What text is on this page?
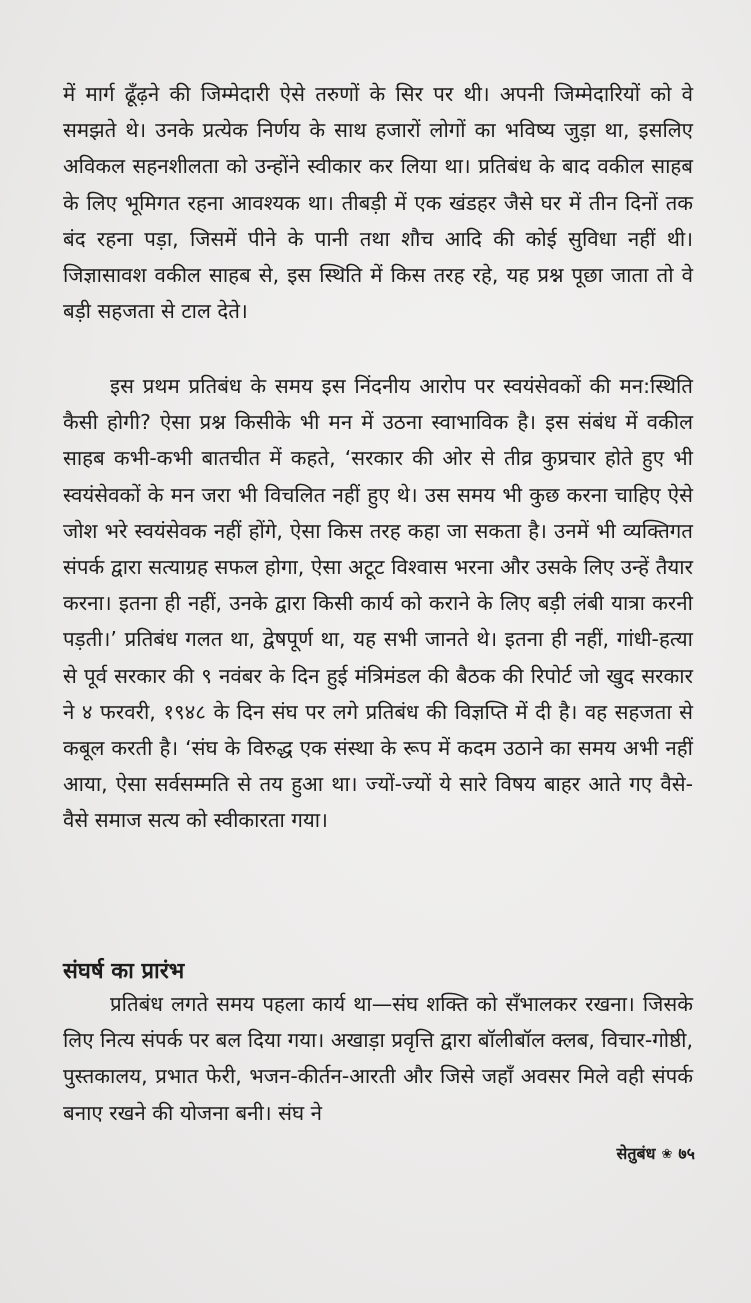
में मार्ग ढूँढ़ने की जिम्मेदारी ऐसे तरुणों के सिर पर थी। अपनी जिम्मेदारियों को वे समझते थे। उनके प्रत्येक निर्णय के साथ हजारों लोगों का भविष्य जुड़ा था, इसलिए अविकल सहनशीलता को उन्होंने स्वीकार कर लिया था। प्रतिबंध के बाद वकील साहब के लिए भूमिगत रहना आवश्यक था। तीबड़ी में एक खंडहर जैसे घर में तीन दिनों तक बंद रहना पड़ा, जिसमें पीने के पानी तथा शौच आदि की कोई सुविधा नहीं थी। जिज्ञासावश वकील साहब से, इस स्थिति में किस तरह रहे, यह प्रश्न पूछा जाता तो वे बड़ी सहजता से टाल देते।

इस प्रथम प्रतिबंध के समय इस निंदनीय आरोप पर स्वयंसेवकों की मन:स्थिति कैसी होगी? ऐसा प्रश्न किसीके भी मन में उठना स्वाभाविक है। इस संबंध में वकील साहब कभी-कभी बातचीत में कहते, ‘सरकार की ओर से तीव्र कुप्रचार होते हुए भी स्वयंसेवकों के मन जरा भी विचलित नहीं हुए थे। उस समय भी कुछ करना चाहिए ऐसे जोश भरे स्वयंसेवक नहीं होंगे, ऐसा किस तरह कहा जा सकता है। उनमें भी व्यक्तिगत संपर्क द्वारा सत्याग्रह सफल होगा, ऐसा अटूट विश्वास भरना और उसके लिए उन्हें तैयार करना। इतना ही नहीं, उनके द्वारा किसी कार्य को कराने के लिए बड़ी लंबी यात्रा करनी पड़ती।’ प्रतिबंध गलत था, द्वेषपूर्ण था, यह सभी जानते थे। इतना ही नहीं, गांधी-हत्या से पूर्व सरकार की ९ नवंबर के दिन हुई मंत्रिमंडल की बैठक की रिपोर्ट जो खुद सरकार ने ४ फरवरी, १९४८ के दिन संघ पर लगे प्रतिबंध की विज्ञप्ति में दी है। वह सहजता से कबूल करती है। ‘संघ के विरुद्ध एक संस्था के रूप में कदम उठाने का समय अभी नहीं आया, ऐसा सर्वसम्मति से तय हुआ था। ज्यों-ज्यों ये सारे विषय बाहर आते गए वैसे-वैसे समाज सत्य को स्वीकारता गया।

संघर्ष का प्रारंभ

प्रतिबंध लगते समय पहला कार्य था—संघ शक्ति को सँभालकर रखना। जिसके लिए नित्य संपर्क पर बल दिया गया। अखाड़ा प्रवृत्ति द्वारा बॉलीबॉल क्लब, विचार-गोष्ठी, पुस्तकालय, प्रभात फेरी, भजन-कीर्तन-आरती और जिसे जहाँ अवसर मिले वही संपर्क बनाए रखने की योजना बनी। संघ ने

सेतुबंध ❀ ७५
